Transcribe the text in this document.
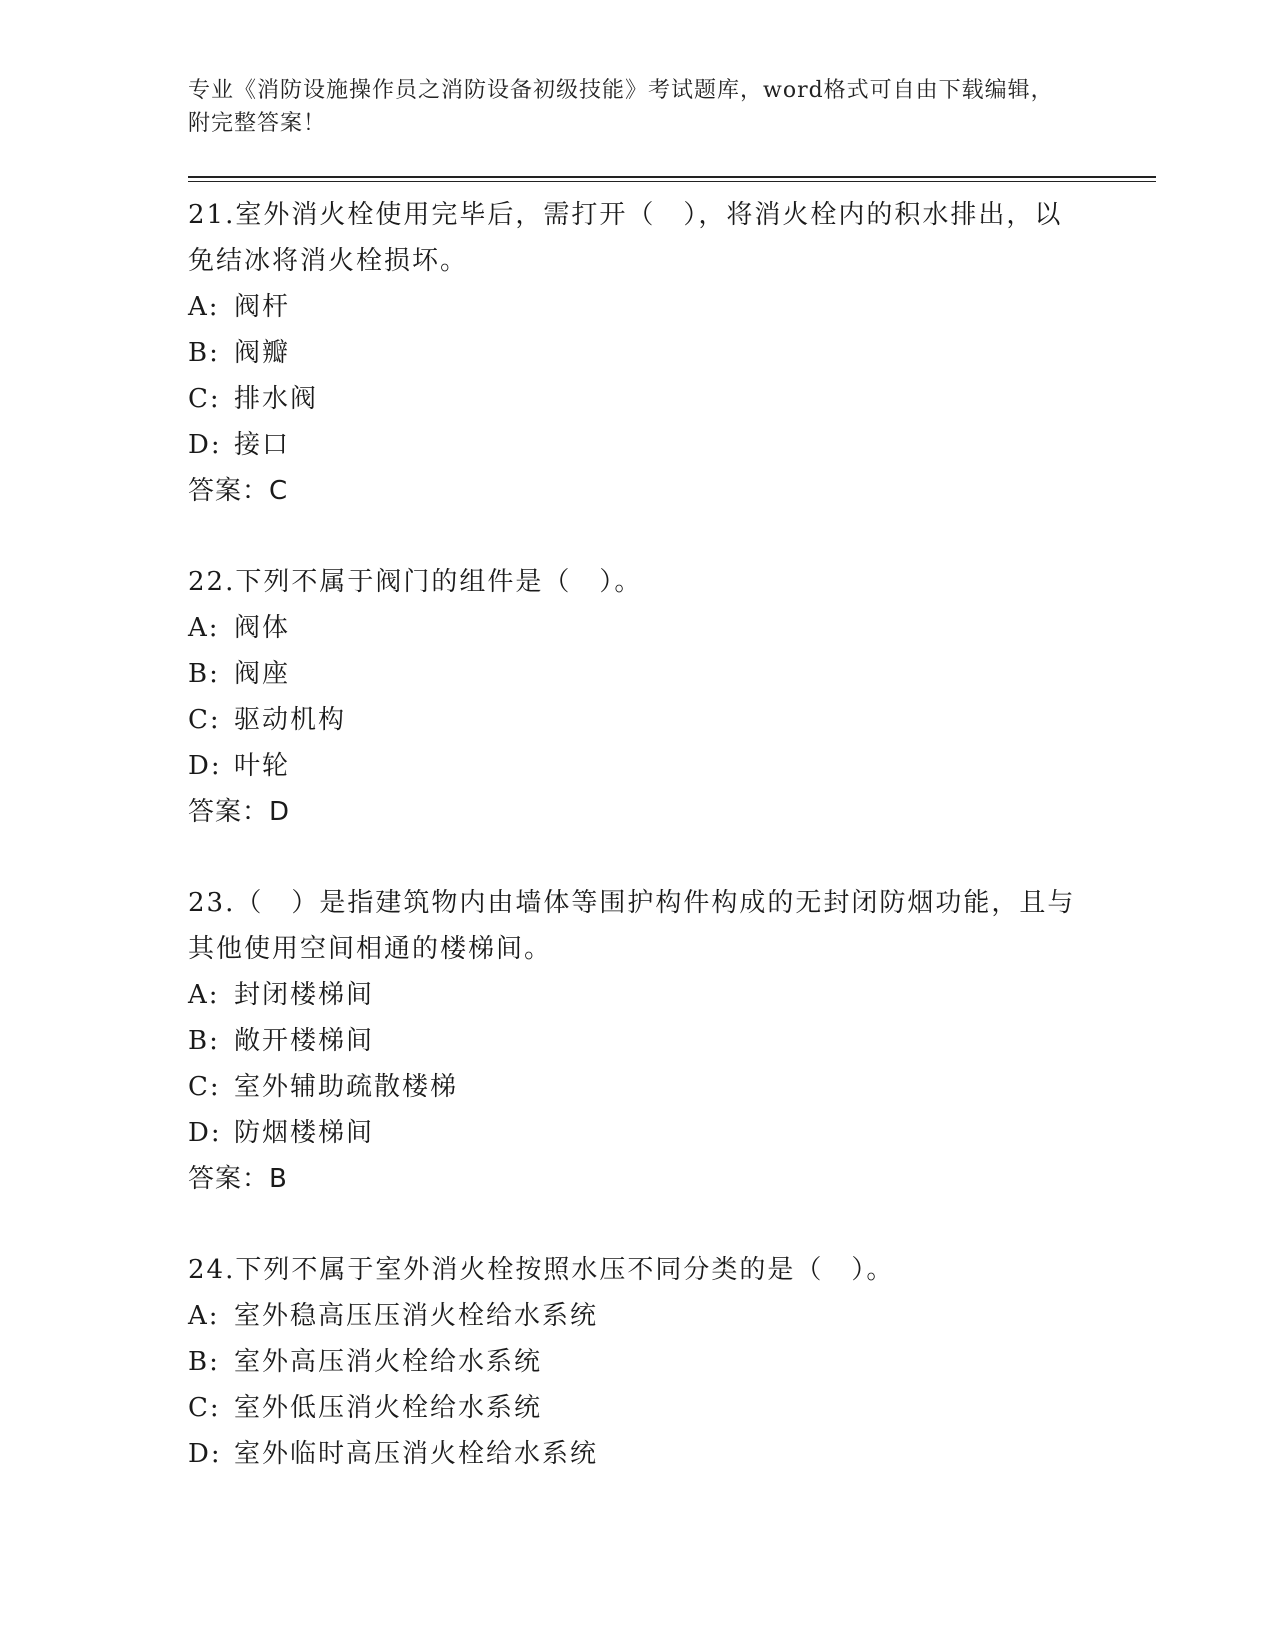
专业《消防设施操作员之消防设备初级技能》考试题库，word格式可自由下载编辑，附完整答案！
21.室外消火栓使用完毕后，需打开（　），将消火栓内的积水排出，以免结冰将消火栓损坏。
A: 阀杆
B: 阀瓣
C: 排水阀
D: 接口
答案：C
22.下列不属于阀门的组件是（　）。
A: 阀体
B: 阀座
C: 驱动机构
D: 叶轮
答案：D
23.（　）是指建筑物内由墙体等围护构件构成的无封闭防烟功能，且与其他使用空间相通的楼梯间。
A: 封闭楼梯间
B: 敞开楼梯间
C: 室外辅助疏散楼梯
D: 防烟楼梯间
答案：B
24.下列不属于室外消火栓按照水压不同分类的是（　）。
A: 室外稳高压压消火栓给水系统
B: 室外高压消火栓给水系统
C: 室外低压消火栓给水系统
D: 室外临时高压消火栓给水系统
